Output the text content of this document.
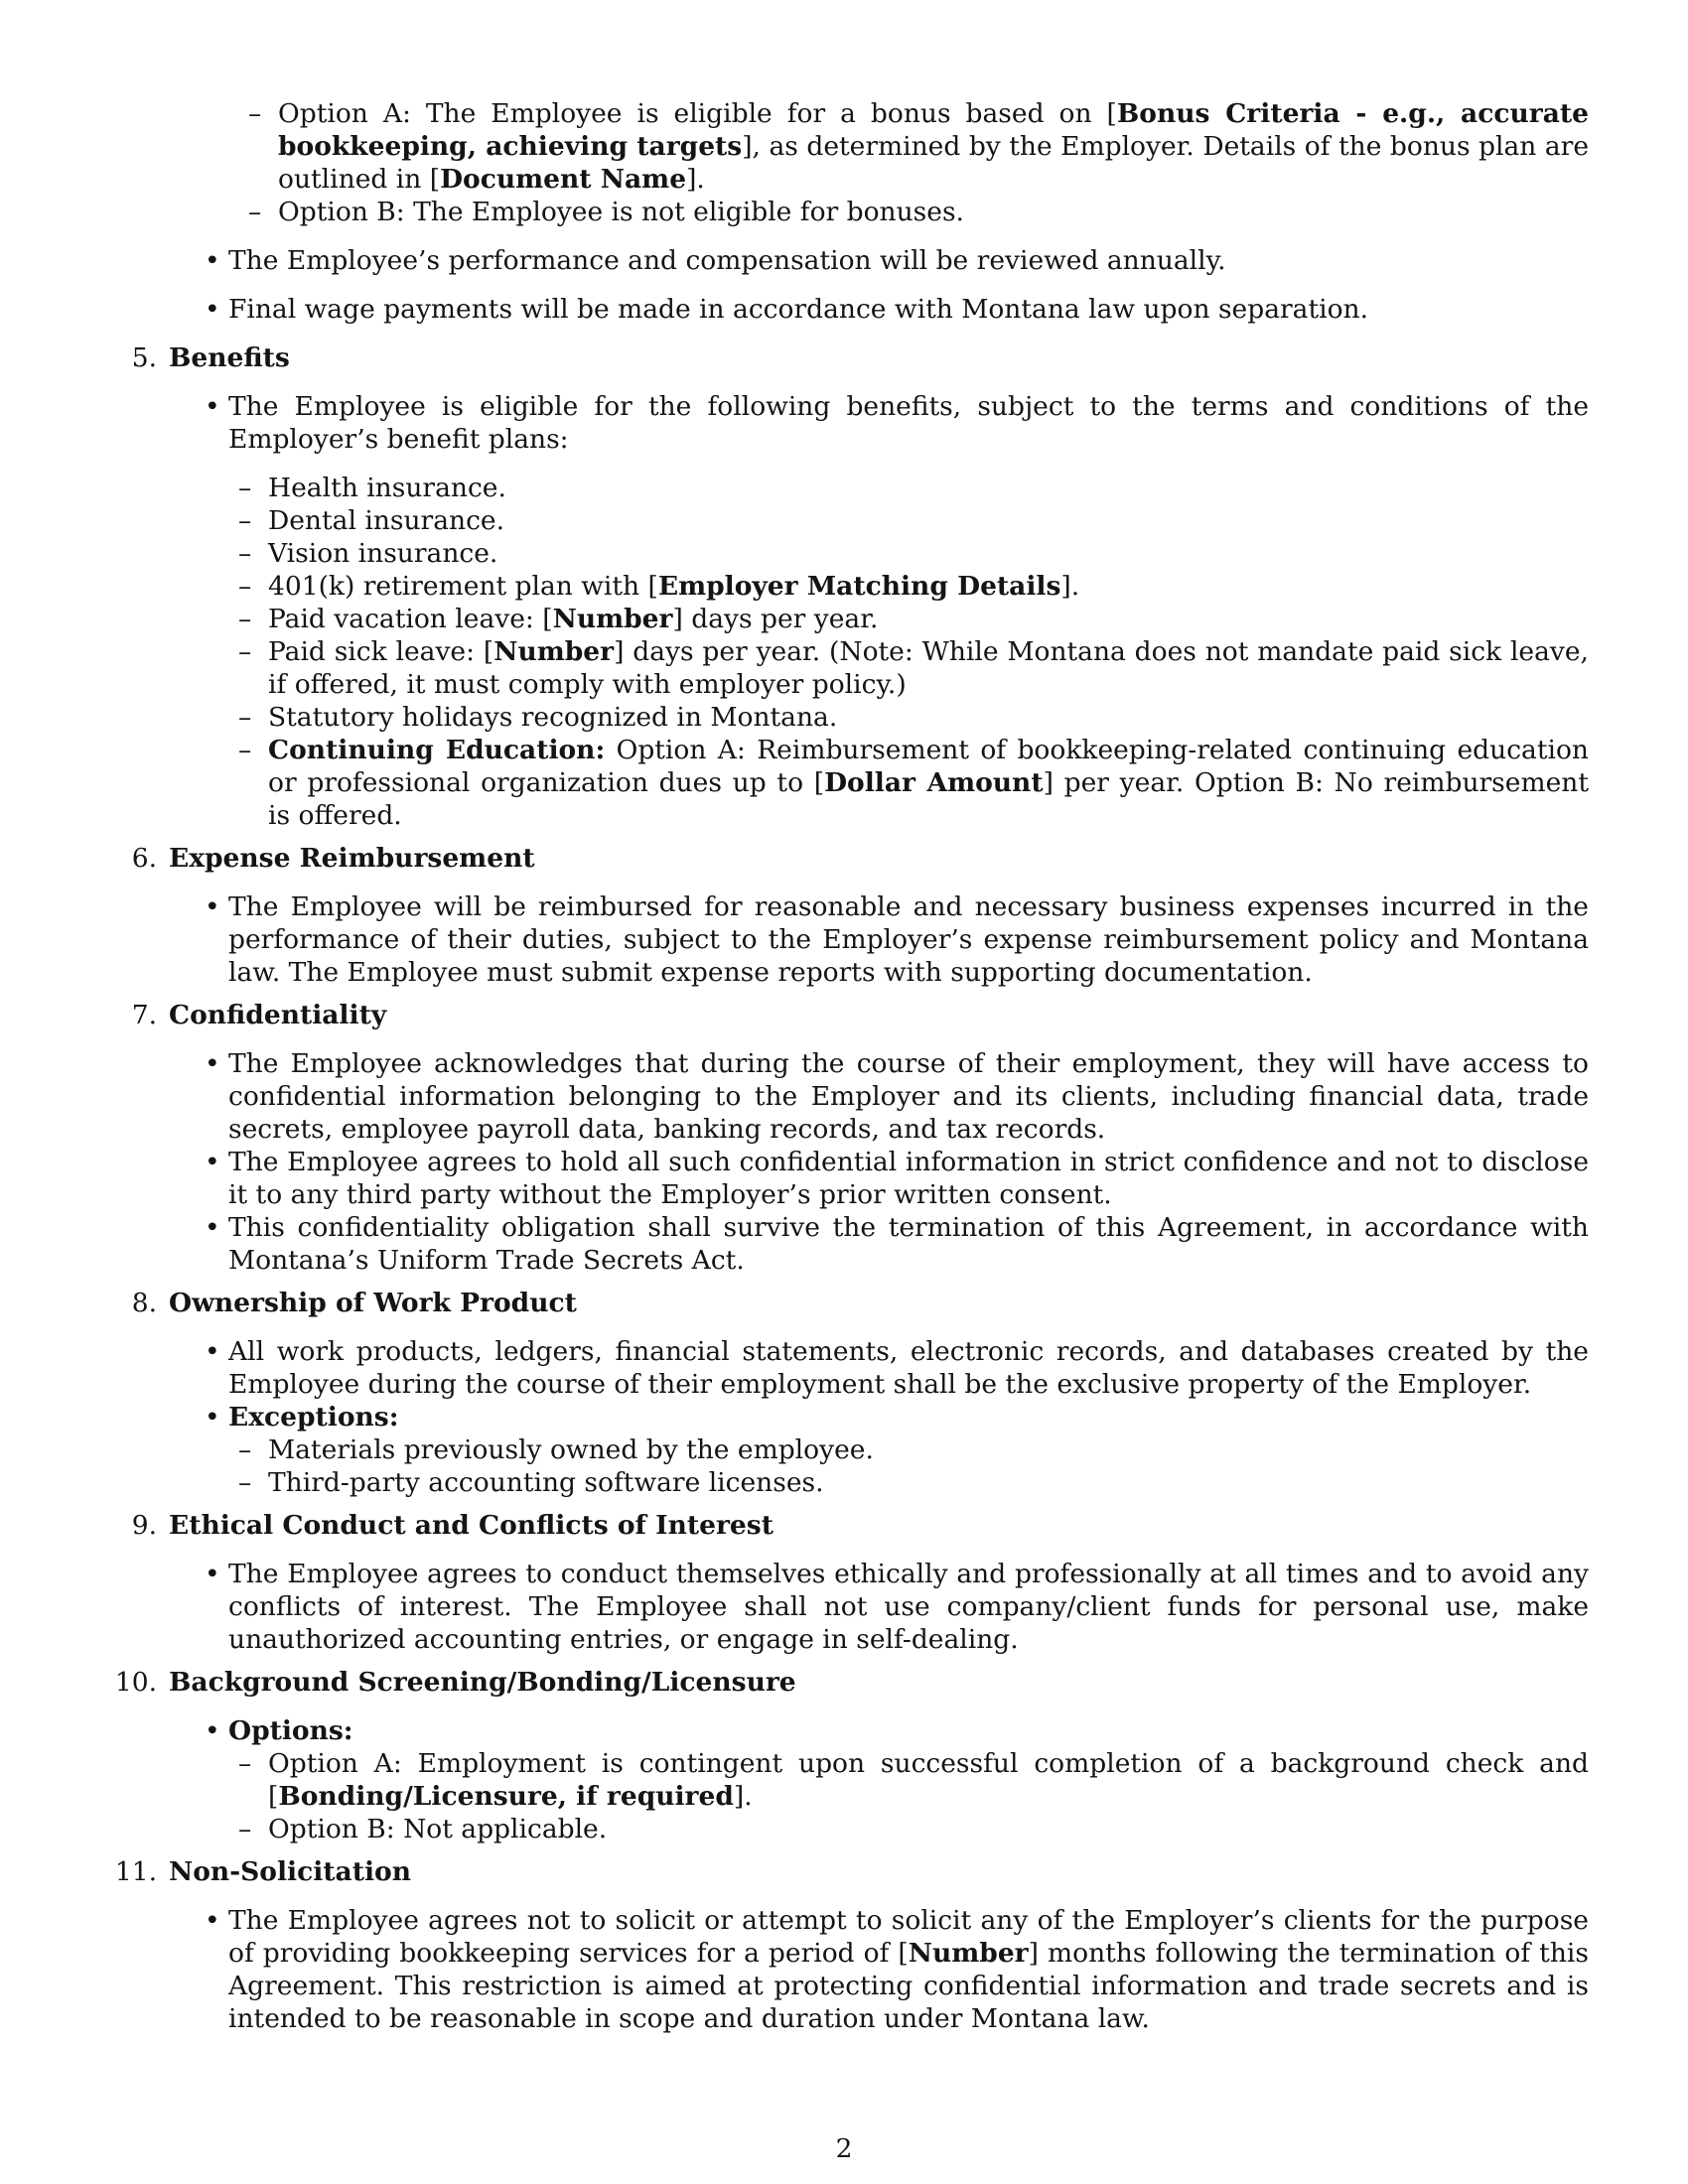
– Option A: The Employee is eligible for a bonus based on [Bonus Criteria - e.g., accurate bookkeeping, achieving targets], as determined by the Employer. Details of the bonus plan are outlined in [Document Name].
– Option B: The Employee is not eligible for bonuses.
• The Employee’s performance and compensation will be reviewed annually.
• Final wage payments will be made in accordance with Montana law upon separation.
5. Benefits
• The Employee is eligible for the following benefits, subject to the terms and conditions of the Employer’s benefit plans:
– Health insurance.
– Dental insurance.
– Vision insurance.
– 401(k) retirement plan with [Employer Matching Details].
– Paid vacation leave: [Number] days per year.
– Paid sick leave: [Number] days per year. (Note: While Montana does not mandate paid sick leave, if offered, it must comply with employer policy.)
– Statutory holidays recognized in Montana.
– Continuing Education: Option A: Reimbursement of bookkeeping-related continuing education or professional organization dues up to [Dollar Amount] per year. Option B: No reimbursement is offered.
6. Expense Reimbursement
• The Employee will be reimbursed for reasonable and necessary business expenses incurred in the performance of their duties, subject to the Employer’s expense reimbursement policy and Montana law. The Employee must submit expense reports with supporting documentation.
7. Confidentiality
• The Employee acknowledges that during the course of their employment, they will have access to confidential information belonging to the Employer and its clients, including financial data, trade secrets, employee payroll data, banking records, and tax records.
• The Employee agrees to hold all such confidential information in strict confidence and not to disclose it to any third party without the Employer’s prior written consent.
• This confidentiality obligation shall survive the termination of this Agreement, in accordance with Montana’s Uniform Trade Secrets Act.
8. Ownership of Work Product
• All work products, ledgers, financial statements, electronic records, and databases created by the Employee during the course of their employment shall be the exclusive property of the Employer.
• Exceptions:
– Materials previously owned by the employee.
– Third-party accounting software licenses.
9. Ethical Conduct and Conflicts of Interest
• The Employee agrees to conduct themselves ethically and professionally at all times and to avoid any conflicts of interest. The Employee shall not use company/client funds for personal use, make unauthorized accounting entries, or engage in self-dealing.
10. Background Screening/Bonding/Licensure
• Options:
– Option A: Employment is contingent upon successful completion of a background check and [Bonding/Licensure, if required].
– Option B: Not applicable.
11. Non-Solicitation
• The Employee agrees not to solicit or attempt to solicit any of the Employer’s clients for the purpose of providing bookkeeping services for a period of [Number] months following the termination of this Agreement. This restriction is aimed at protecting confidential information and trade secrets and is intended to be reasonable in scope and duration under Montana law.
2
